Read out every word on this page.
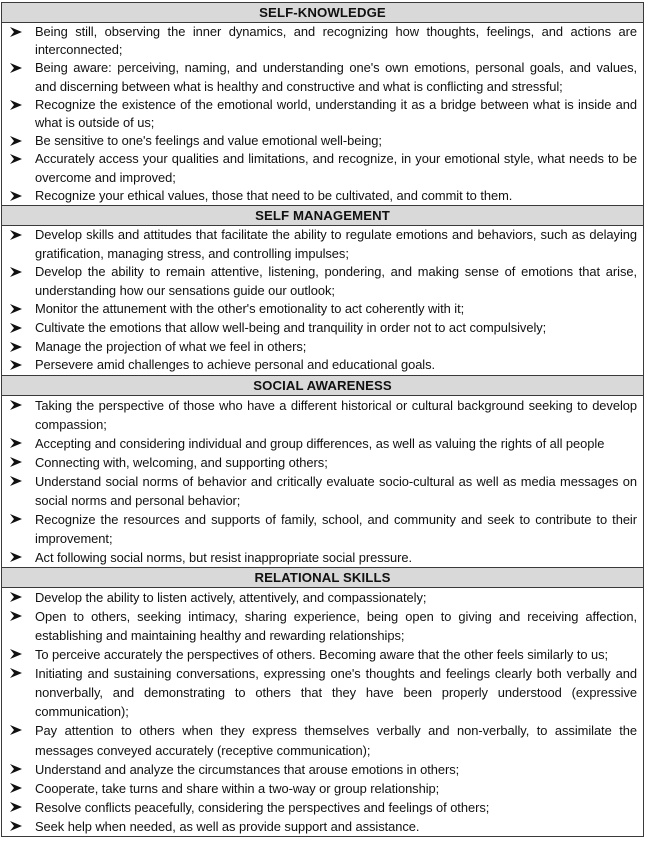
SELF-KNOWLEDGE
Being still, observing the inner dynamics, and recognizing how thoughts, feelings, and actions are interconnected;
Being aware: perceiving, naming, and understanding one's own emotions, personal goals, and values, and discerning between what is healthy and constructive and what is conflicting and stressful;
Recognize the existence of the emotional world, understanding it as a bridge between what is inside and what is outside of us;
Be sensitive to one's feelings and value emotional well-being;
Accurately access your qualities and limitations, and recognize, in your emotional style, what needs to be overcome and improved;
Recognize your ethical values, those that need to be cultivated, and commit to them.
SELF MANAGEMENT
Develop skills and attitudes that facilitate the ability to regulate emotions and behaviors, such as delaying gratification, managing stress, and controlling impulses;
Develop the ability to remain attentive, listening, pondering, and making sense of emotions that arise, understanding how our sensations guide our outlook;
Monitor the attunement with the other's emotionality to act coherently with it;
Cultivate the emotions that allow well-being and tranquility in order not to act compulsively;
Manage the projection of what we feel in others;
Persevere amid challenges to achieve personal and educational goals.
SOCIAL AWARENESS
Taking the perspective of those who have a different historical or cultural background seeking to develop compassion;
Accepting and considering individual and group differences, as well as valuing the rights of all people
Connecting with, welcoming, and supporting others;
Understand social norms of behavior and critically evaluate socio-cultural as well as media messages on social norms and personal behavior;
Recognize the resources and supports of family, school, and community and seek to contribute to their improvement;
Act following social norms, but resist inappropriate social pressure.
RELATIONAL SKILLS
Develop the ability to listen actively, attentively, and compassionately;
Open to others, seeking intimacy, sharing experience, being open to giving and receiving affection, establishing and maintaining healthy and rewarding relationships;
To perceive accurately the perspectives of others. Becoming aware that the other feels similarly to us;
Initiating and sustaining conversations, expressing one's thoughts and feelings clearly both verbally and nonverbally, and demonstrating to others that they have been properly understood (expressive communication);
Pay attention to others when they express themselves verbally and non-verbally, to assimilate the messages conveyed accurately (receptive communication);
Understand and analyze the circumstances that arouse emotions in others;
Cooperate, take turns and share within a two-way or group relationship;
Resolve conflicts peacefully, considering the perspectives and feelings of others;
Seek help when needed, as well as provide support and assistance.
